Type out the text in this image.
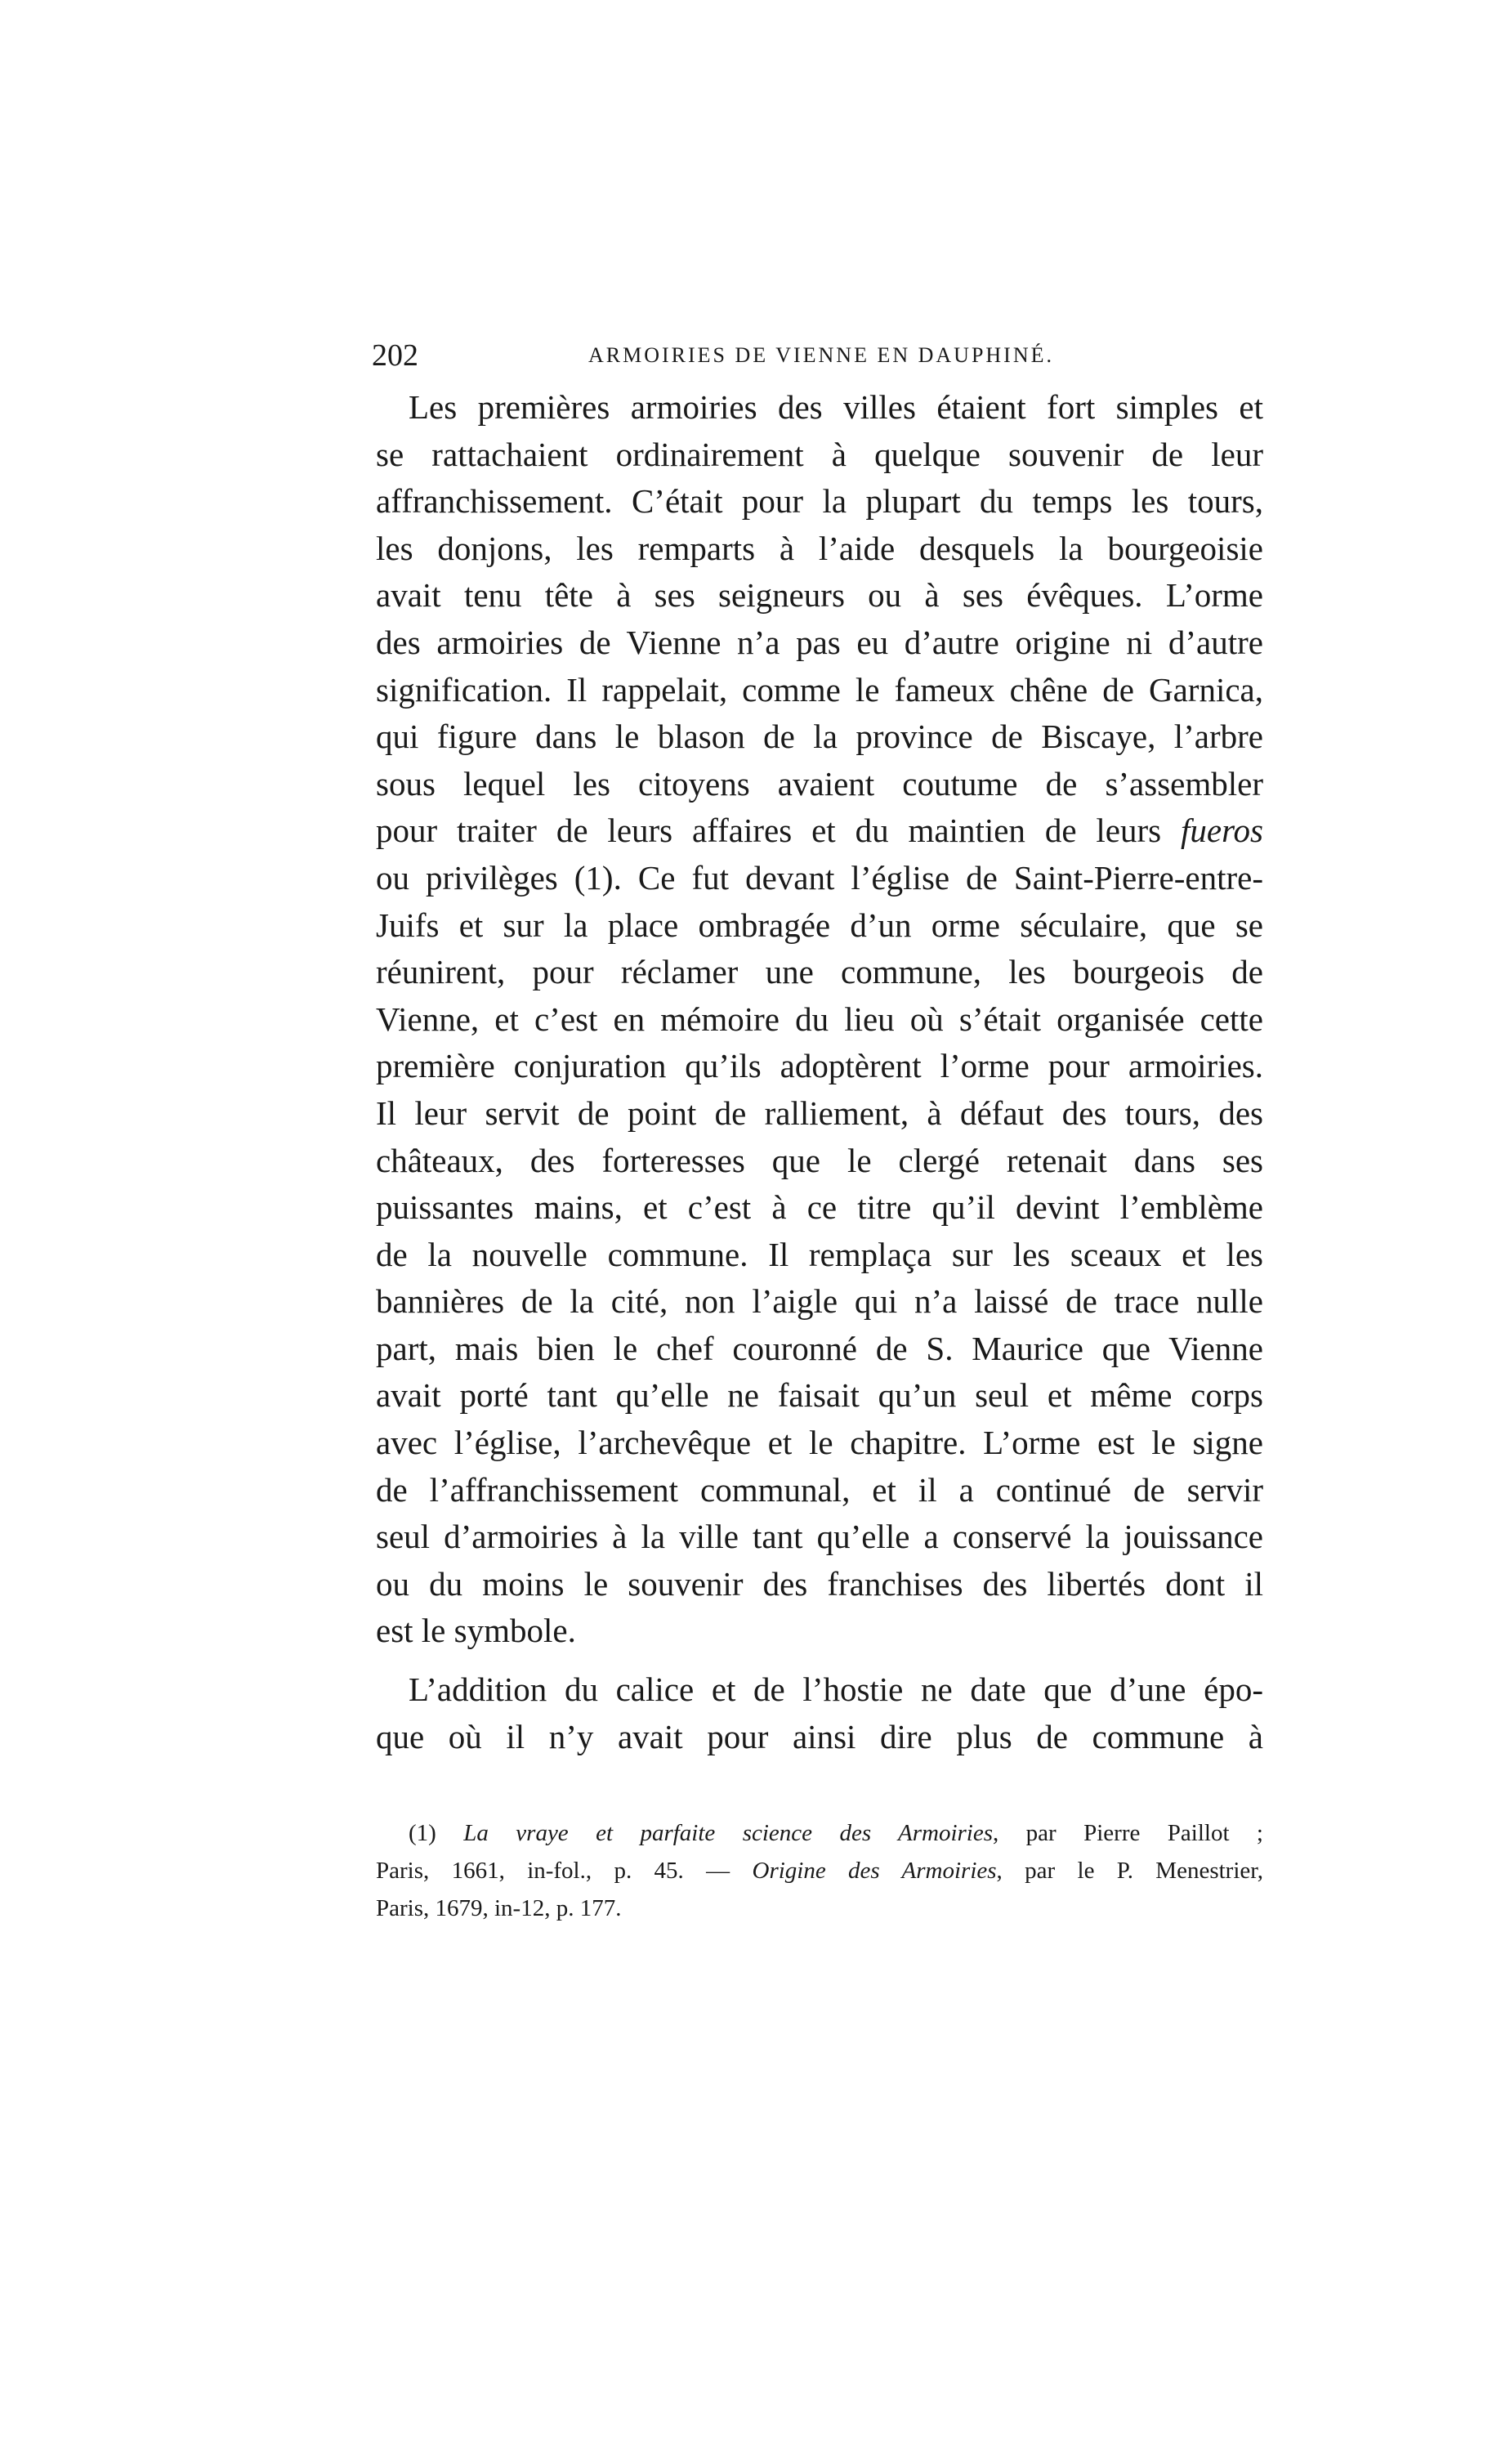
202	ARMOIRIES DE VIENNE EN DAUPHINÉ.
Les premières armoiries des villes étaient fort simples et
se rattachaient ordinairement à quelque souvenir de leur
affranchissement. C’était pour la plupart du temps les tours,
les donjons, les remparts à l’aide desquels la bourgeoisie
avait tenu tête à ses seigneurs ou à ses évêques. L’orme
des armoiries de Vienne n’a pas eu d’autre origine ni d’autre
signification. Il rappelait, comme le fameux chêne de Garnica,
qui figure dans le blason de la province de Biscaye, l’arbre
sous lequel les citoyens avaient coutume de s’assembler
pour traiter de leurs affaires et du maintien de leurs fueros
ou privilèges (1). Ce fut devant l’église de Saint-Pierre-entre-
Juifs et sur la place ombragée d’un orme séculaire, que se
réunirent, pour réclamer une commune, les bourgeois de
Vienne, et c’est en mémoire du lieu où s’était organisée cette
première conjuration qu’ils adoptèrent l’orme pour armoiries.
Il leur servit de point de ralliement, à défaut des tours, des
châteaux, des forteresses que le clergé retenait dans ses
puissantes mains, et c’est à ce titre qu’il devint l’emblème
de la nouvelle commune. Il remplaça sur les sceaux et les
bannières de la cité, non l’aigle qui n’a laissé de trace nulle
part, mais bien le chef couronné de S. Maurice que Vienne
avait porté tant qu’elle ne faisait qu’un seul et même corps
avec l’église, l’archevêque et le chapitre. L’orme est le signe
de l’affranchissement communal, et il a continué de servir
seul d’armoiries à la ville tant qu’elle a conservé la jouissance
ou du moins le souvenir des franchises des libertés dont il
est le symbole.
L’addition du calice et de l’hostie ne date que d’une épo-
que où il n’y avait pour ainsi dire plus de commune à
(1) La vraye et parfaite science des Armoiries, par Pierre Paillot ;
Paris, 1661, in-fol., p. 45. — Origine des Armoiries, par le P. Menestrier,
Paris, 1679, in-12, p. 177.
